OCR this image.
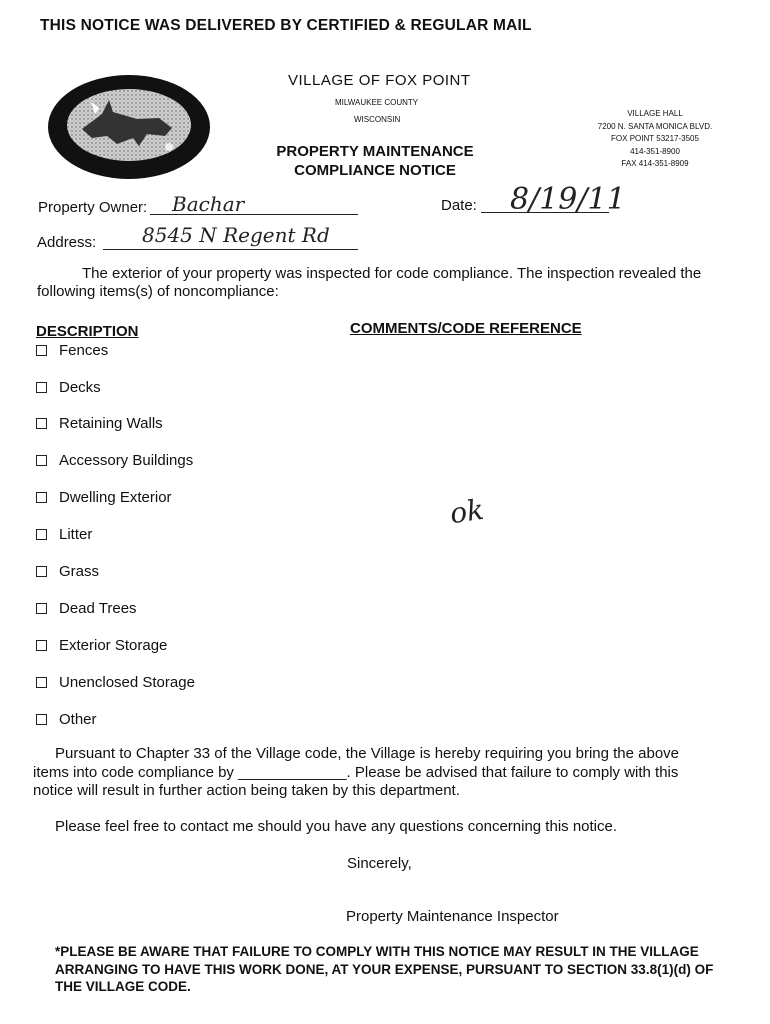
THIS NOTICE WAS DELIVERED BY CERTIFIED & REGULAR MAIL
VILLAGE OF FOX POINT
MILWAUKEE COUNTY
WISCONSIN
VILLAGE HALL
7200 N. SANTA MONICA BLVD.
FOX POINT 53217-3505
414-351-8900
FAX 414-351-8909
PROPERTY MAINTENANCE
COMPLIANCE NOTICE
Property Owner: Bachar	Date: 8/19/11
Address: 8545 N Regent Rd
The exterior of your property was inspected for code compliance. The inspection revealed the following items(s) of noncompliance:
DESCRIPTION	COMMENTS/CODE REFERENCE
Fences
Decks
Retaining Walls
Accessory Buildings
Dwelling Exterior
Litter
Grass
Dead Trees
Exterior Storage
Unenclosed Storage
Other
ok
Pursuant to Chapter 33 of the Village code, the Village is hereby requiring you bring the above
items into code compliance by _____________. Please be advised that failure to comply with this
notice will result in further action being taken by this department.
Please feel free to contact me should you have any questions concerning this notice.
Sincerely,
Property Maintenance Inspector
*PLEASE BE AWARE THAT FAILURE TO COMPLY WITH THIS NOTICE MAY RESULT IN THE VILLAGE ARRANGING TO HAVE THIS WORK DONE, AT YOUR EXPENSE, PURSUANT TO SECTION 33.8(1)(d) OF THE VILLAGE CODE.
